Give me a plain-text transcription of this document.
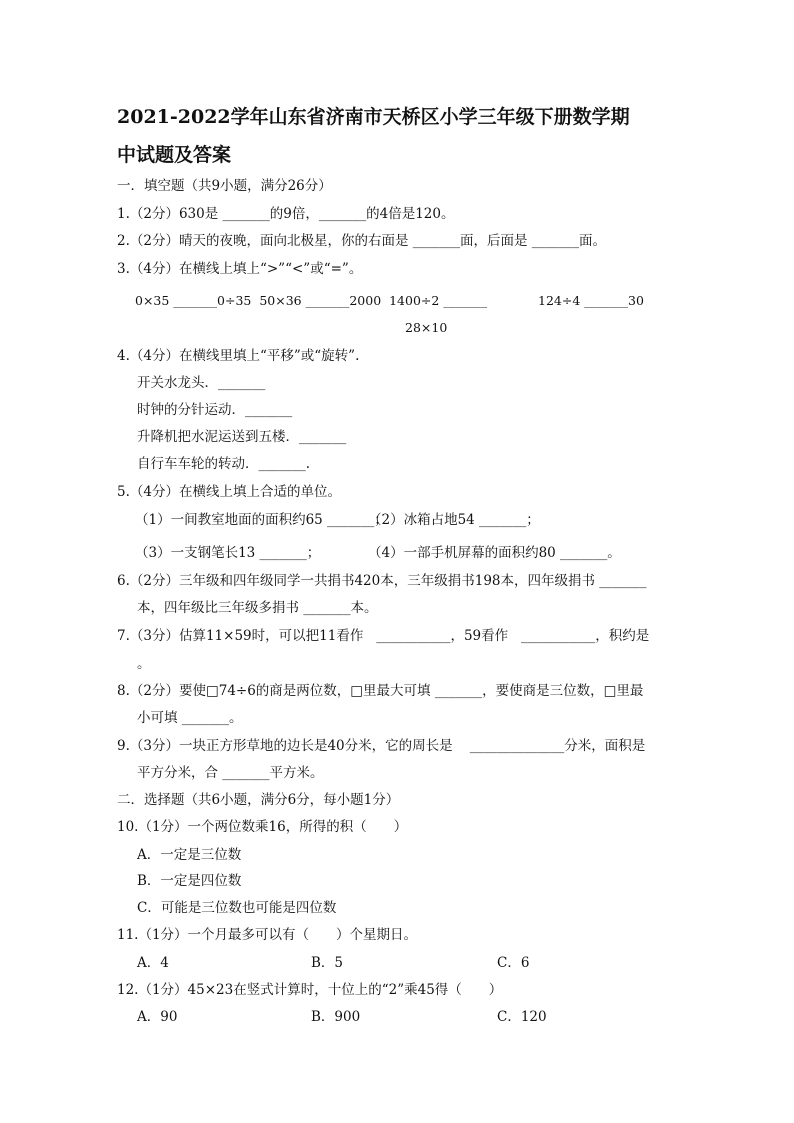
2021-2022学年山东省济南市天桥区小学三年级下册数学期
中试题及答案
一．填空题（共9小题，满分26分）
1.（2分）630是 _______的9倍，_______的4倍是120。
2.（2分）晴天的夜晚，面向北极星，你的右面是 _______面，后面是 _______面。
3.（4分）在横线上填上“>”“<”或“=”。
0×35 _______0÷35  50×36 _______2000  1400÷2 _______	124÷4 _______30
28×10
4.（4分）在横线里填上“平移”或“旋转”.
开关水龙头．_______
时钟的分针运动．_______
升降机把水泥运送到五楼．_______
自行车车轮的转动．_______.
5.（4分）在横线上填上合适的单位。
（1）一间教室地面的面积约65 _______；
（2）冰箱占地54 _______；
（3）一支钢笔长13 _______；	（4）一部手机屏幕的面积约80 _______。
6.（2分）三年级和四年级同学一共捐书420本，三年级捐书198本，四年级捐书 _______
本，四年级比三年级多捐书 _______本。
7.（3分）估算11×59时，可以把11看作   ___________，59看作   ___________，积约是
。
8.（2分）要使□74÷6的商是两位数，□里最大可填 _______，要使商是三位数，□里最
小可填 _______。
9.（3分）一块正方形草地的边长是40分米，它的周长是    ______________分米，面积是
平方分米，合 _______平方米。
二．选择题（共6小题，满分6分，每小题1分）
10.（1分）一个两位数乘16，所得的积（　　）
A．一定是三位数
B．一定是四位数
C．可能是三位数也可能是四位数
11.（1分）一个月最多可以有（　　）个星期日。
A．4	B．5	C．6
12.（1分）45×23在竖式计算时，十位上的“2”乘45得（　　）
A．90	B．900	C．120
